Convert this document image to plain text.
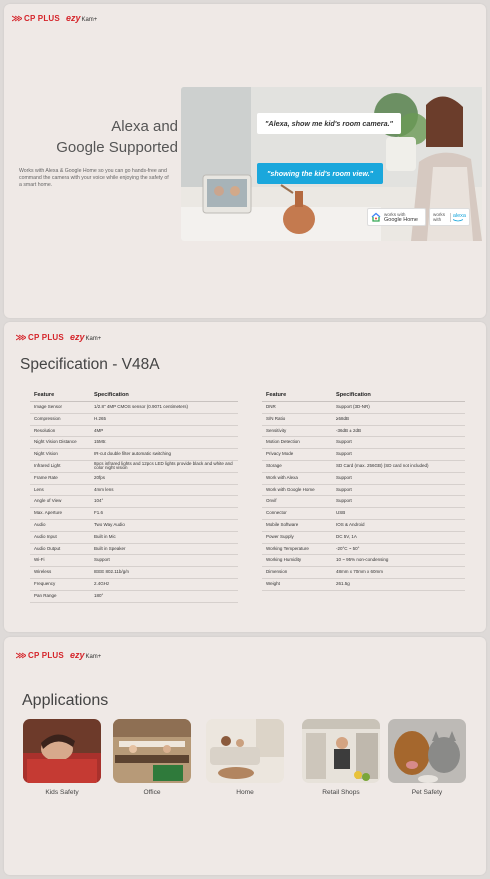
CP PLUS ezy Kam+
Alexa and
Google Supported
Works with Alexa & Google Home so you can go hands-free and command the camera with your voice while enjoying the safety of a smart home.
"Alexa, show me kid's room camera."
"showing the kid's room view."
works with
Google Home
works with
alexa
CP PLUS ezy Kam+
Specification - V48A
Feature	Specification
Image Sensor	1/2.8" 4MP CMOS sensor (0.9071 centimeters)
Compression	H.265
Resolution	4MP
Night Vision Distance	15Mtr.
Night Vision	IR-cut double filter automatic switching
Infrared Light	8pcs infrared lights and 12pcs LED lights provide black and white and color night vision
Frame Rate	20fps
Lens	4mm lens
Angle of View	104°
Max. Aperture	F1.6
Audio	Two Way Audio
Audio Input	Built in Mic
Audio Output	Built in Speaker
Wi-Fi	Support
Wireless	IEEE 802.11b/g/n
Frequency	2.4GHz
Pan Range	180°
Feature	Specification
DNR	Support (3D-NR)
S/N Ratio	≥58dB
Sensitivity	-36dB ± 2dB
Motion Detection	Support
Privacy Mode	Support
Storage	SD Card (max. 256GB) (SD card not included)
Work with Alexa	Support
Work with Google Home	Support
Onvif	Support
Connector	USB
Mobile Software	IOS & Android
Power Supply	DC 5V, 1A
Working Temperature	-20°C ~ 50°
Working Humidity	10 ~ 95% non-condensing
Dimension	48mm x 70mm x 60mm
Weight	261.5g
CP PLUS ezy Kam+
Applications
Kids Safety	Office	Home	Retail Shops	Pet Safety
